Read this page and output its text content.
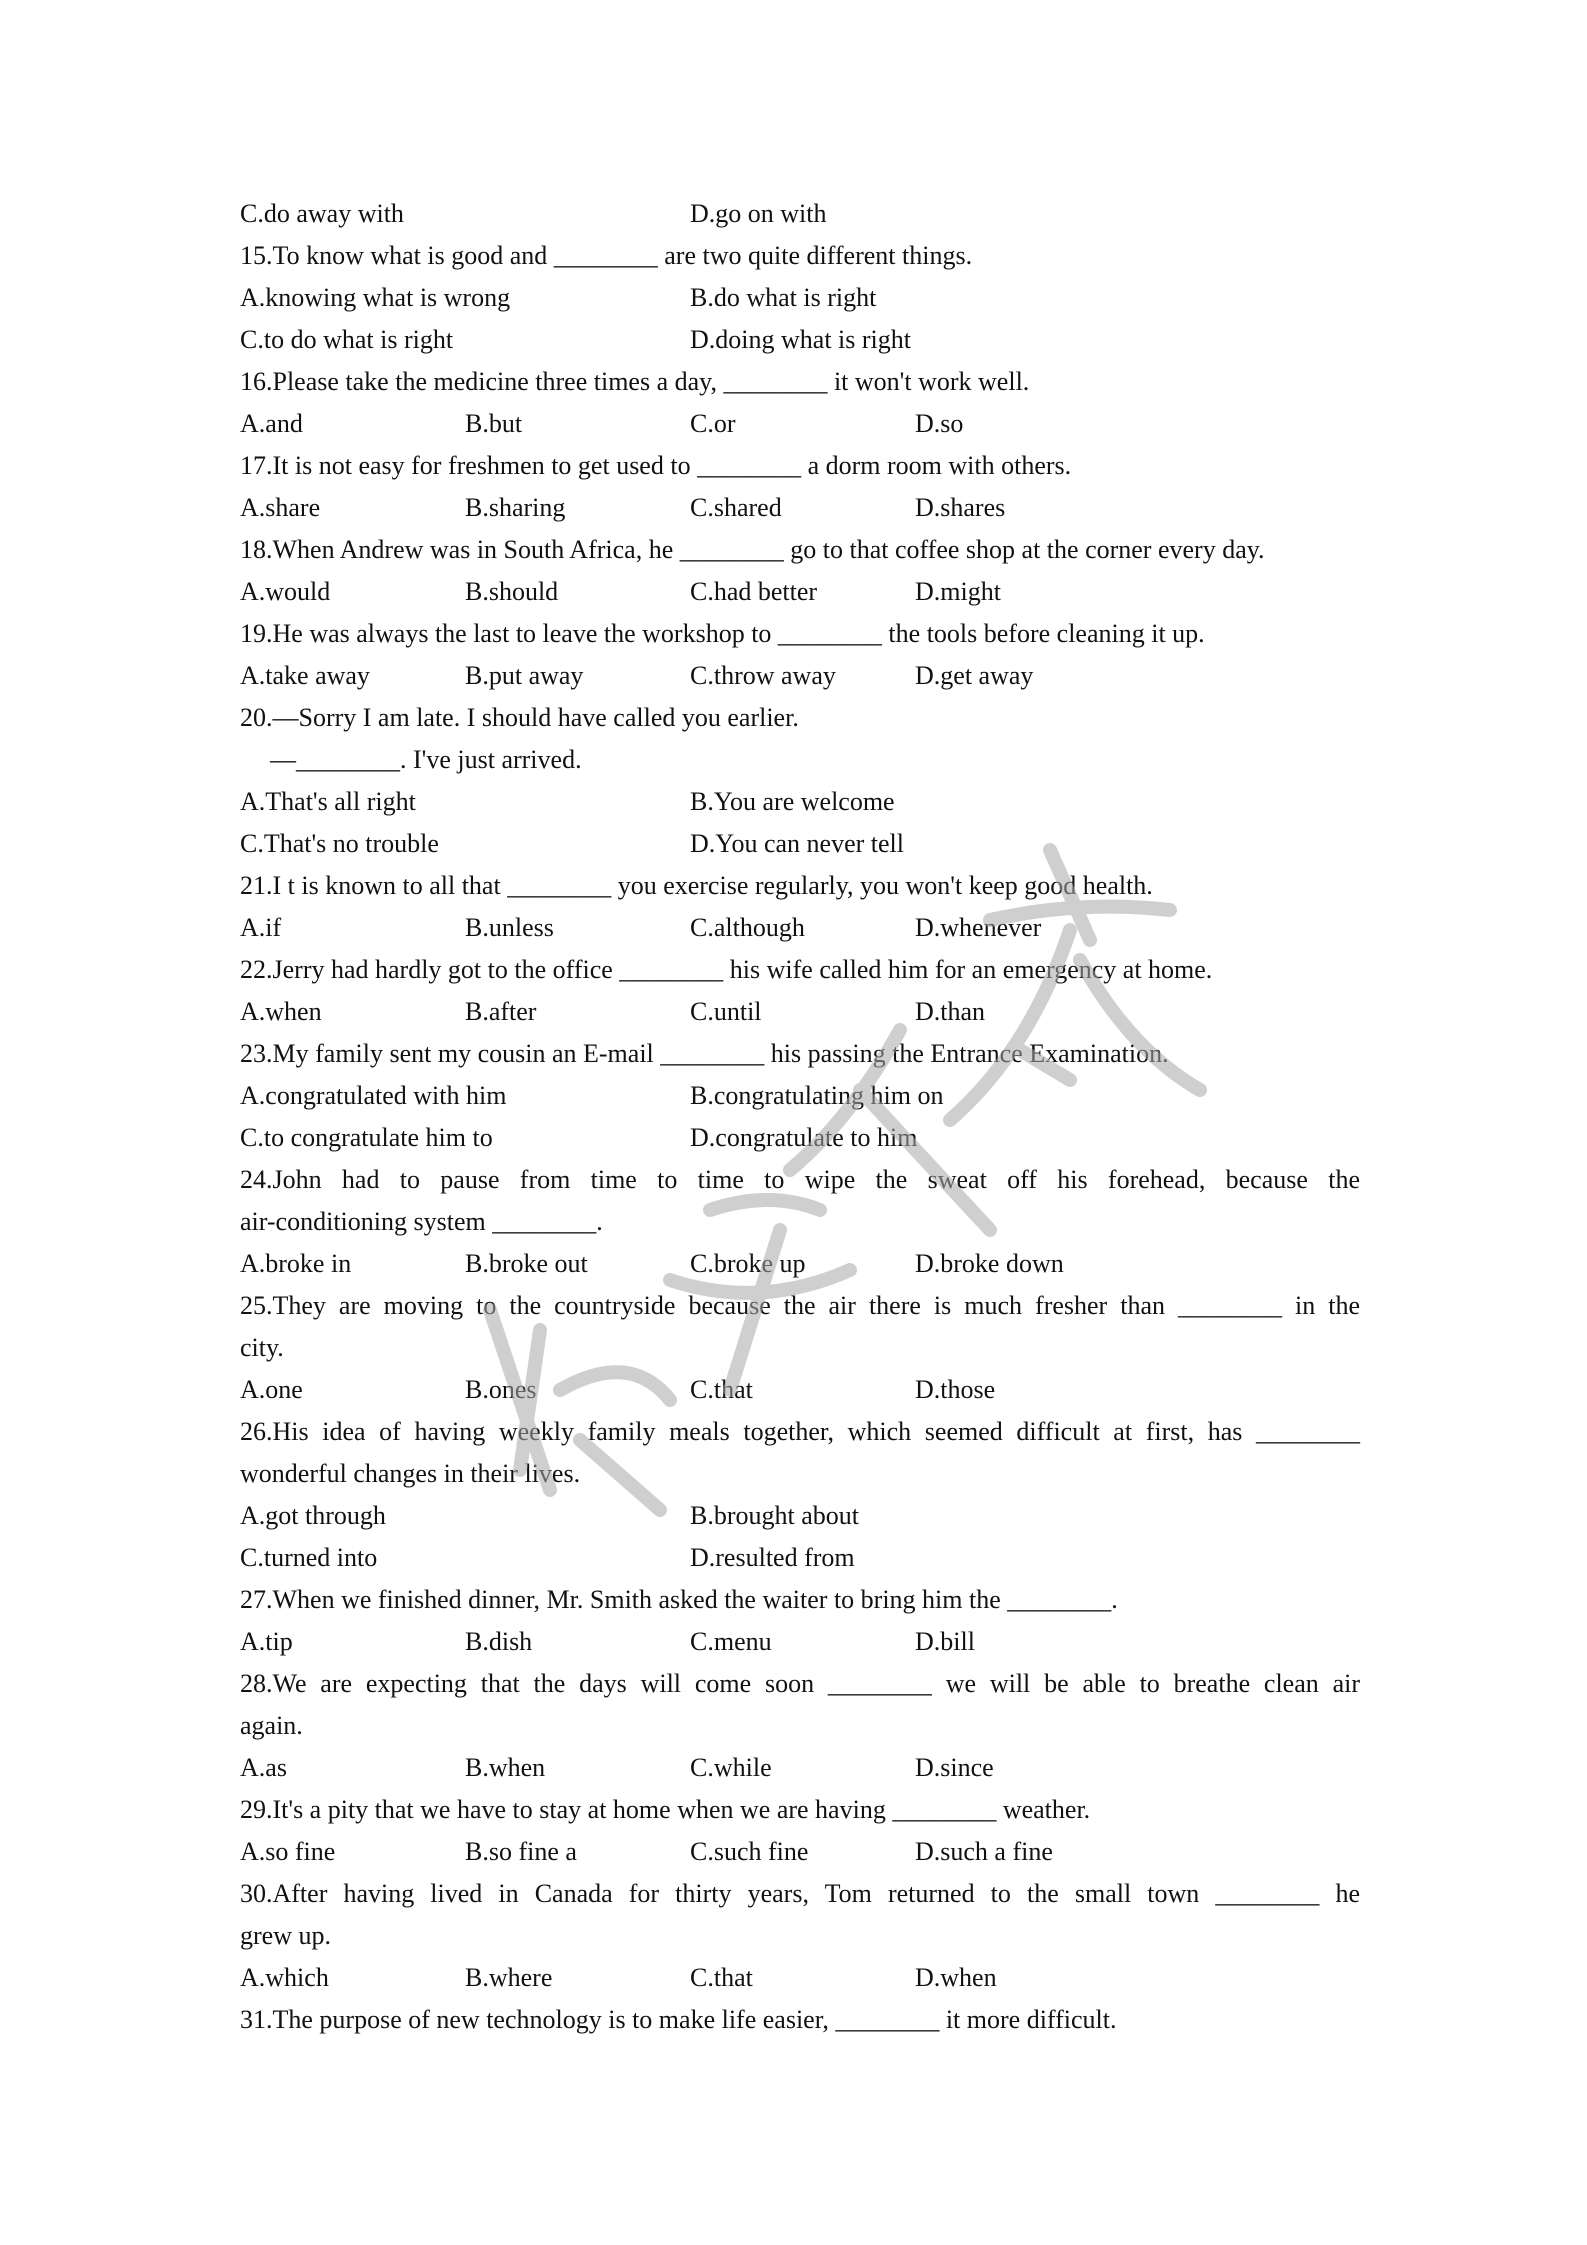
C.do away with	D.go on with
15.To know what is good and ________ are two quite different things.
A.knowing what is wrong	B.do what is right
C.to do what is right	D.doing what is right
16.Please take the medicine three times a day, ________ it won't work well.
A.and	B.but	C.or	D.so
17.It is not easy for freshmen to get used to ________ a dorm room with others.
A.share	B.sharing	C.shared	D.shares
18.When Andrew was in South Africa, he ________ go to that coffee shop at the corner every day.
A.would	B.should	C.had better	D.might
19.He was always the last to leave the workshop to ________ the tools before cleaning it up.
A.take away	B.put away	C.throw away	D.get away
20.—Sorry I am late. I should have called you earlier.
—________. I've just arrived.
A.That's all right	B.You are welcome
C.That's no trouble	D.You can never tell
21.I t is known to all that ________ you exercise regularly, you won't keep good health.
A.if	B.unless	C.although	D.whenever
22.Jerry had hardly got to the office ________ his wife called him for an emergency at home.
A.when	B.after	C.until	D.than
23.My family sent my cousin an E-mail ________ his passing the Entrance Examination.
A.congratulated with him	B.congratulating him on
C.to congratulate him to	D.congratulate to him
24.John had to pause from time to time to wipe the sweat off his forehead, because the
air-conditioning system ________.
A.broke in	B.broke out	C.broke up	D.broke down
25.They are moving to the countryside because the air there is much fresher than ________ in the
city.
A.one	B.ones	C.that	D.those
26.His idea of having weekly family meals together, which seemed difficult at first, has ________
wonderful changes in their lives.
A.got through	B.brought about
C.turned into	D.resulted from
27.When we finished dinner, Mr. Smith asked the waiter to bring him the ________.
A.tip	B.dish	C.menu	D.bill
28.We are expecting that the days will come soon ________ we will be able to breathe clean air
again.
A.as	B.when	C.while	D.since
29.It's a pity that we have to stay at home when we are having ________ weather.
A.so fine	B.so fine a	C.such fine	D.such a fine
30.After having lived in Canada for thirty years, Tom returned to the small town ________ he
grew up.
A.which	B.where	C.that	D.when
31.The purpose of new technology is to make life easier, ________ it more difficult.
